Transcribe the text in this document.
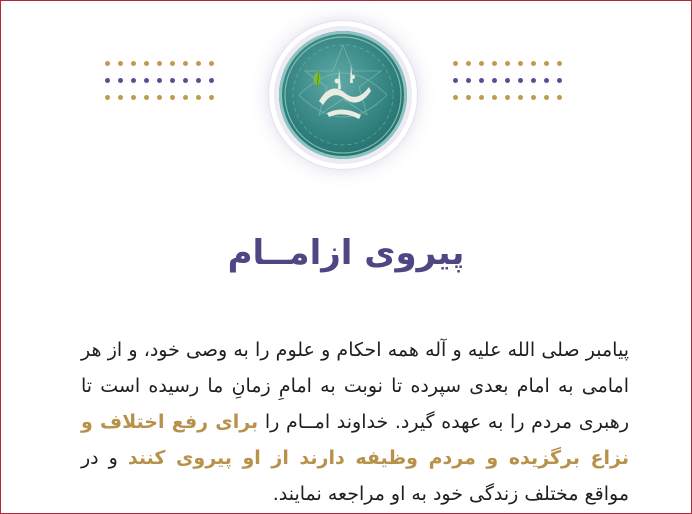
پیروی ازامــام

پیامبر صلی الله علیه و آله همه احکام و علوم را به وصی خود، و از هر امامی به امام بعدی سپرده تا نوبت به امامِ زمانِ ما رسیده است تا رهبری مردم را به عهده گیرد. خداوند امــام را برای رفع اختلاف و نزاع برگزیده و مردم وظیفه دارند از او پیروی کنند و در مواقع مختلف زندگی خود به او مراجعه نمایند.
